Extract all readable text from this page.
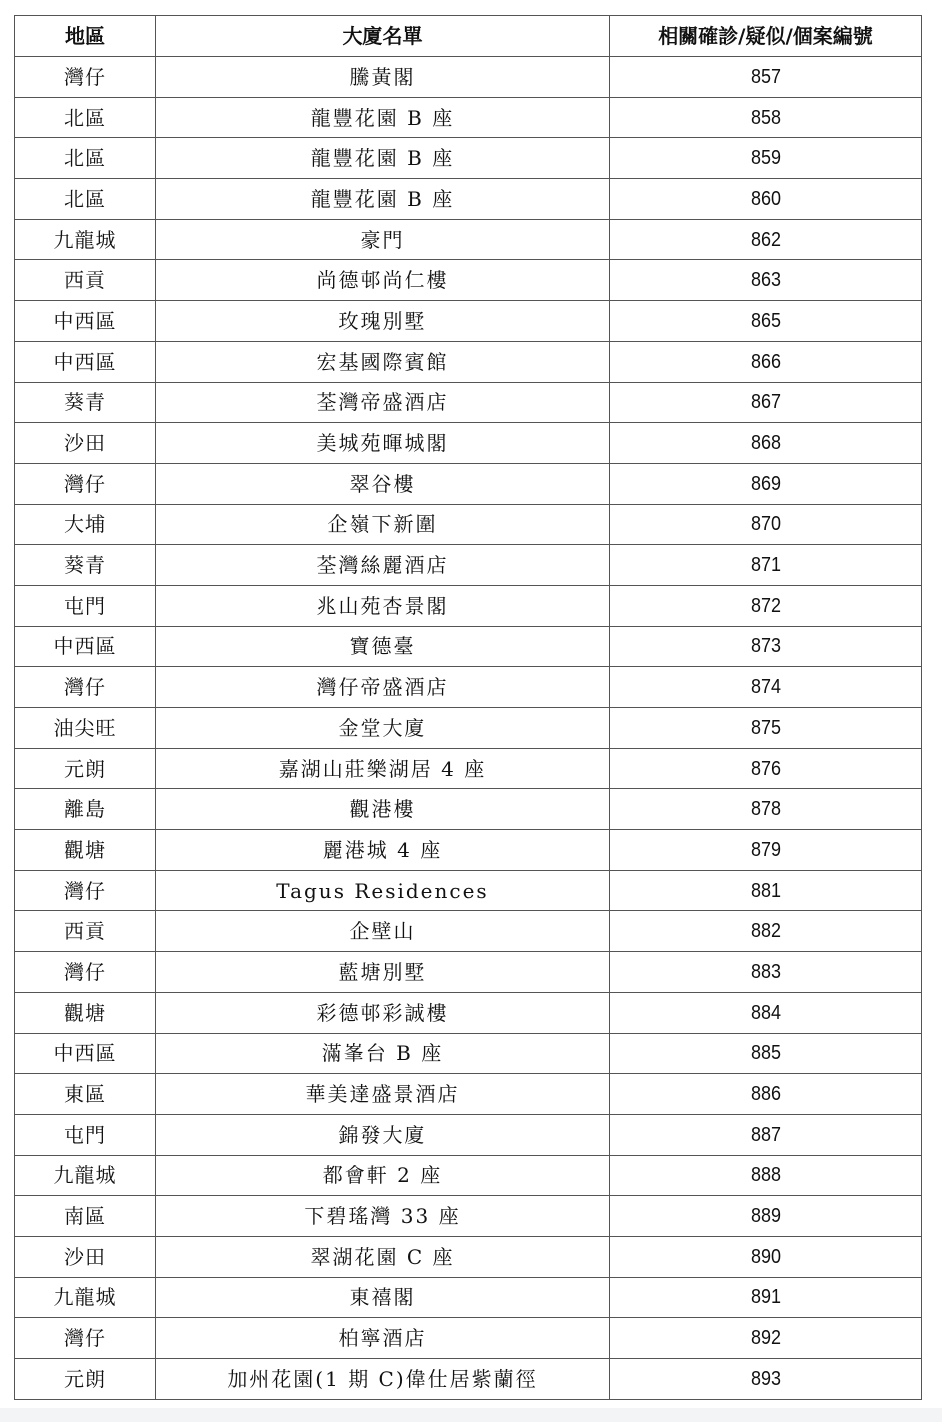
地區	大廈名單	相關確診/疑似/個案編號
灣仔	騰黃閣	857
北區	龍豐花園 B 座	858
北區	龍豐花園 B 座	859
北區	龍豐花園 B 座	860
九龍城	豪門	862
西貢	尚德邨尚仁樓	863
中西區	玫瑰別墅	865
中西區	宏基國際賓館	866
葵青	荃灣帝盛酒店	867
沙田	美城苑暉城閣	868
灣仔	翠谷樓	869
大埔	企嶺下新圍	870
葵青	荃灣絲麗酒店	871
屯門	兆山苑杏景閣	872
中西區	寶德臺	873
灣仔	灣仔帝盛酒店	874
油尖旺	金堂大廈	875
元朗	嘉湖山莊樂湖居 4 座	876
離島	觀港樓	878
觀塘	麗港城 4 座	879
灣仔	Tagus Residences	881
西貢	企壁山	882
灣仔	藍塘別墅	883
觀塘	彩德邨彩誠樓	884
中西區	滿峯台 B 座	885
東區	華美達盛景酒店	886
屯門	錦發大廈	887
九龍城	都會軒 2 座	888
南區	下碧瑤灣 33 座	889
沙田	翠湖花園 C 座	890
九龍城	東禧閣	891
灣仔	柏寧酒店	892
元朗	加州花園(1 期 C)偉仕居紫蘭徑	893
